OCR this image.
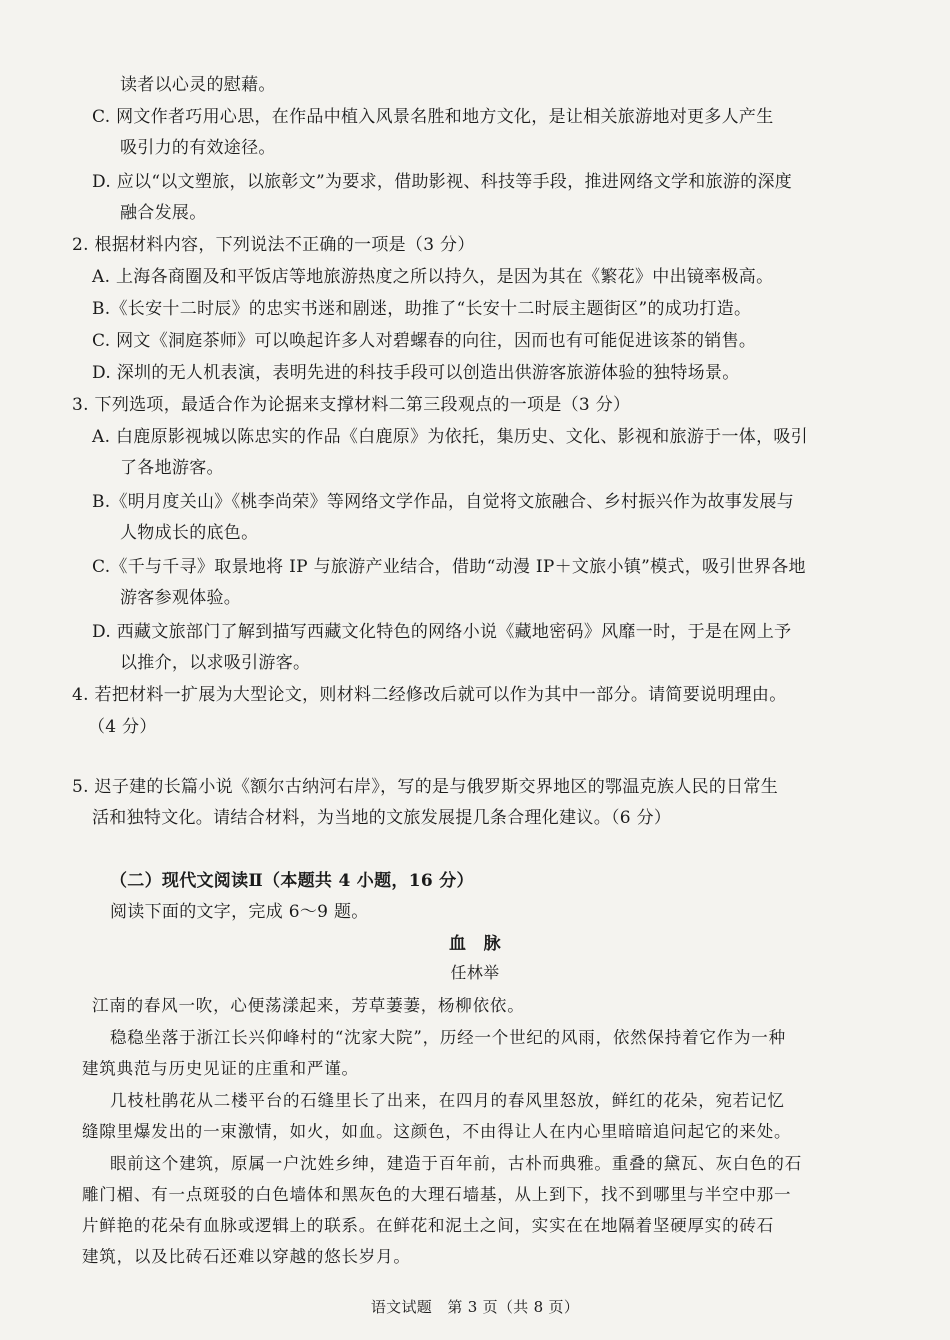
读者以心灵的慰藉。
C. 网文作者巧用心思，在作品中植入风景名胜和地方文化，是让相关旅游地对更多人产生
吸引力的有效途径。
D. 应以“以文塑旅，以旅彰文”为要求，借助影视、科技等手段，推进网络文学和旅游的深度
融合发展。
2. 根据材料内容，下列说法不正确的一项是（3 分）
A. 上海各商圈及和平饭店等地旅游热度之所以持久，是因为其在《繁花》中出镜率极高。
B.《长安十二时辰》的忠实书迷和剧迷，助推了“长安十二时辰主题街区”的成功打造。
C. 网文《洞庭茶师》可以唤起许多人对碧螺春的向往，因而也有可能促进该茶的销售。
D. 深圳的无人机表演，表明先进的科技手段可以创造出供游客旅游体验的独特场景。
3. 下列选项，最适合作为论据来支撑材料二第三段观点的一项是（3 分）
A. 白鹿原影视城以陈忠实的作品《白鹿原》为依托，集历史、文化、影视和旅游于一体，吸引
了各地游客。
B.《明月度关山》《桃李尚荣》等网络文学作品，自觉将文旅融合、乡村振兴作为故事发展与
人物成长的底色。
C.《千与千寻》取景地将 IP 与旅游产业结合，借助“动漫 IP＋文旅小镇”模式，吸引世界各地
游客参观体验。
D. 西藏文旅部门了解到描写西藏文化特色的网络小说《藏地密码》风靡一时，于是在网上予
以推介，以求吸引游客。
4. 若把材料一扩展为大型论文，则材料二经修改后就可以作为其中一部分。请简要说明理由。
（4 分）
5. 迟子建的长篇小说《额尔古纳河右岸》，写的是与俄罗斯交界地区的鄂温克族人民的日常生
活和独特文化。请结合材料，为当地的文旅发展提几条合理化建议。（6 分）
（二）现代文阅读Ⅱ（本题共 4 小题，16 分）
阅读下面的文字，完成 6～9 题。
血　脉
任林举
江南的春风一吹，心便荡漾起来，芳草萋萋，杨柳依依。
稳稳坐落于浙江长兴仰峰村的“沈家大院”，历经一个世纪的风雨，依然保持着它作为一种
建筑典范与历史见证的庄重和严谨。
几枝杜鹃花从二楼平台的石缝里长了出来，在四月的春风里怒放，鲜红的花朵，宛若记忆
缝隙里爆发出的一束激情，如火，如血。这颜色，不由得让人在内心里暗暗追问起它的来处。
眼前这个建筑，原属一户沈姓乡绅，建造于百年前，古朴而典雅。重叠的黛瓦、灰白色的石
雕门楣、有一点斑驳的白色墙体和黑灰色的大理石墙基，从上到下，找不到哪里与半空中那一
片鲜艳的花朵有血脉或逻辑上的联系。在鲜花和泥土之间，实实在在地隔着坚硬厚实的砖石
建筑，以及比砖石还难以穿越的悠长岁月。
语文试题　第 3 页（共 8 页）
